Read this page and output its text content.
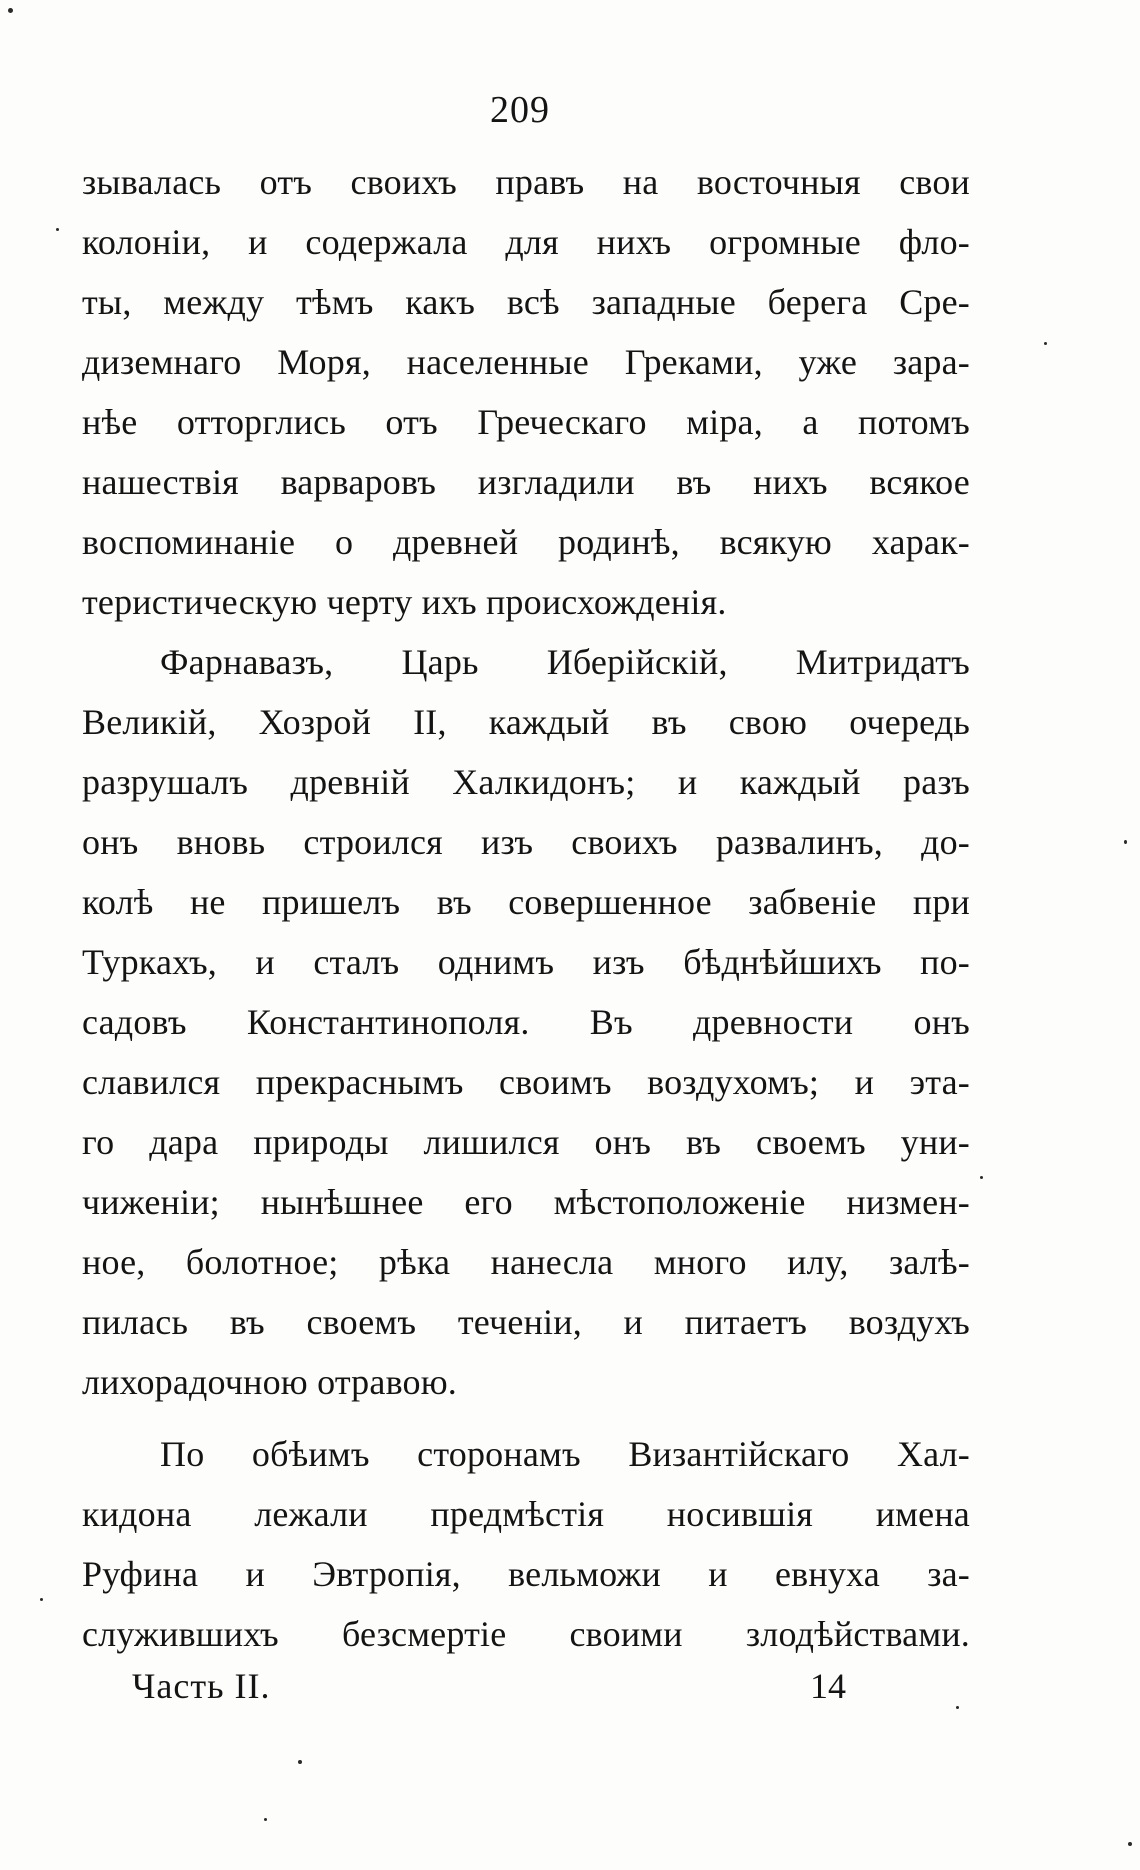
209
зывалась отъ своихъ правъ на восточныя свои
колоніи, и содержала для нихъ огромные фло-
ты, между тѣмъ какъ всѣ западные берега Сре-
диземнаго Моря, населенные Греками, уже зара-
нѣе отторглись отъ Греческаго міра, а потомъ
нашествія варваровъ изгладили въ нихъ всякое
воспоминаніе о древней родинѣ, всякую харак-
теристическую черту ихъ происхожденія.
Фарнавазъ, Царь Иберійскій, Митридатъ
Великій, Хозрой II, каждый въ свою очередь
разрушалъ древній Халкидонъ; и каждый разъ
онъ вновь строился изъ своихъ развалинъ, до-
колѣ не пришелъ въ совершенное забвеніе при
Туркахъ, и сталъ однимъ изъ бѣднѣйшихъ по-
садовъ Константинополя. Въ древности онъ
славился прекраснымъ своимъ воздухомъ; и эта-
го дара природы лишился онъ въ своемъ уни-
чиженіи; нынѣшнее его мѣстоположеніе низмен-
ное, болотное; рѣка нанесла много илу, залѣ-
пилась въ своемъ теченіи, и питаетъ воздухъ
лихорадочною отравою.
По обѣимъ сторонамъ Византійскаго Хал-
кидона лежали предмѣстія носившія имена
Руфина и Эвтропія, вельможи и евнуха за-
служившихъ безсмертіе своими злодѣйствами.
Часть II.	14
